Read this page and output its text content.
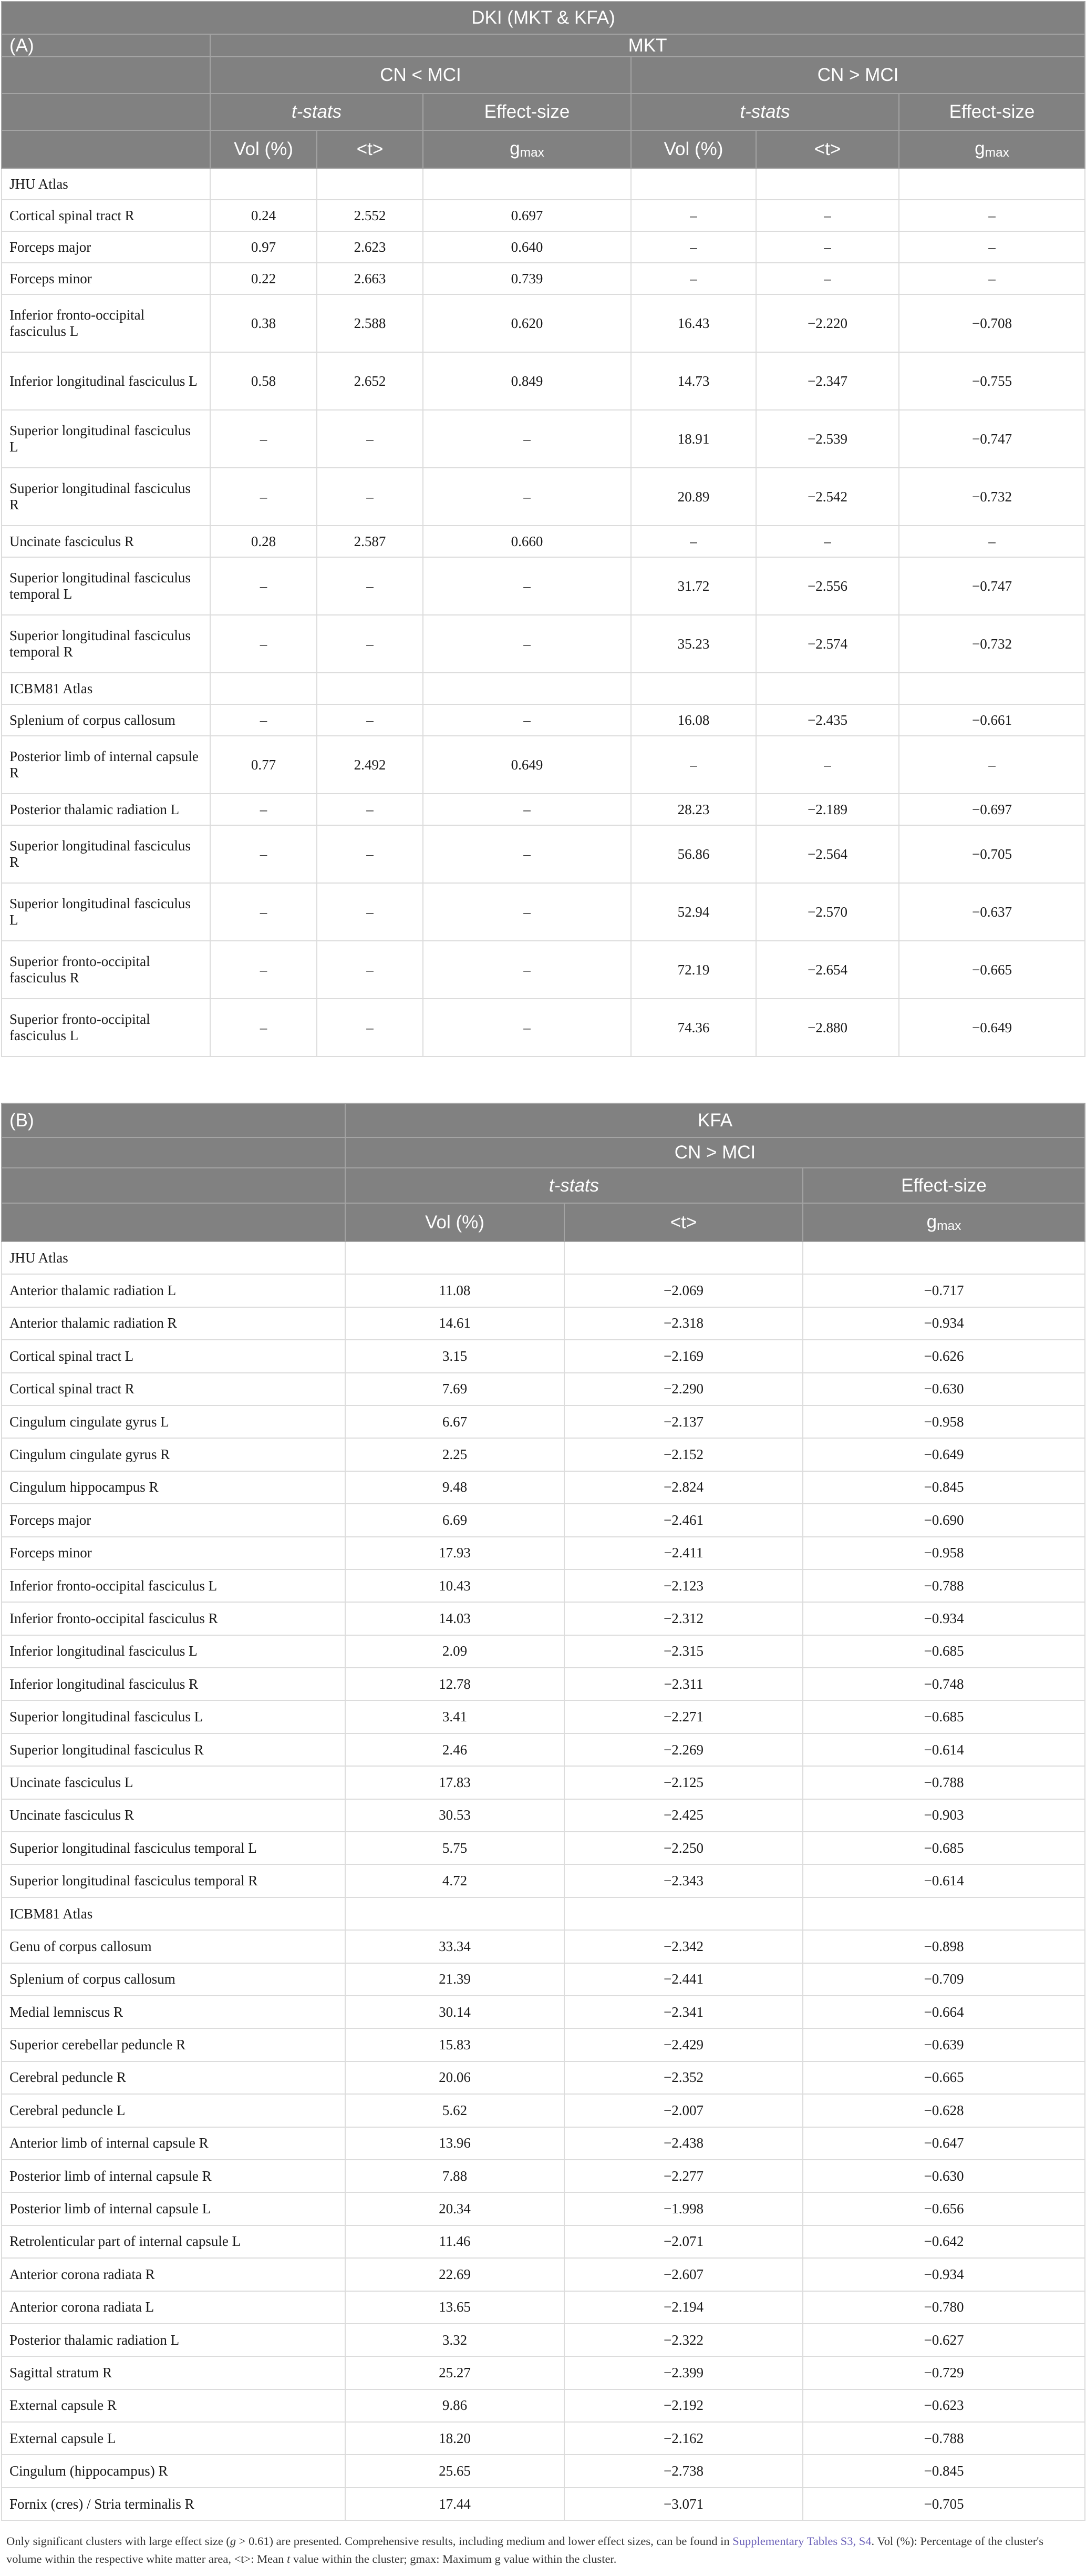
DKI (MKT & KFA)						
(A)	MKT					
	CN < MCI			CN > MCI		
	t-stats		Effect-size	t-stats		Effect-size
	Vol (%)	<t>	$g_{max}$	Vol (%)	<t>	$g_{max}$
JHU Atlas						
Cortical spinal tract R	0.24	2.552	0.697	–	–	–
Forceps major	0.97	2.623	0.640	–	–	–
Forceps minor	0.22	2.663	0.739	–	–	–
Inferior fronto-occipital fasciculus L	0.38	2.588	0.620	16.43	−2.220	−0.708
Inferior longitudinal fasciculus L	0.58	2.652	0.849	14.73	−2.347	−0.755
Superior longitudinal fasciculus L	–	–	–	18.91	−2.539	−0.747
Superior longitudinal fasciculus R	–	–	–	20.89	−2.542	−0.732
Uncinate fasciculus R	0.28	2.587	0.660	–	–	–
Superior longitudinal fasciculus temporal L	–	–	–	31.72	−2.556	−0.747
Superior longitudinal fasciculus temporal R	–	–	–	35.23	−2.574	−0.732
ICBM81 Atlas						
Splenium of corpus callosum	–	–	–	16.08	−2.435	−0.661
Posterior limb of internal capsule R	0.77	2.492	0.649	–	–	–
Posterior thalamic radiation L	–	–	–	28.23	−2.189	−0.697
Superior longitudinal fasciculus R	–	–	–	56.86	−2.564	−0.705
Superior longitudinal fasciculus L	–	–	–	52.94	−2.570	−0.637
Superior fronto-occipital fasciculus R	–	–	–	72.19	−2.654	−0.665
Superior fronto-occipital fasciculus L	–	–	–	74.36	−2.880	−0.649
(B)	KFA		
	CN > MCI		
	t-stats		Effect-size
	Vol (%)	<t>	$g_{max}$
JHU Atlas			
Anterior thalamic radiation L	11.08	−2.069	−0.717
Anterior thalamic radiation R	14.61	−2.318	−0.934
Cortical spinal tract L	3.15	−2.169	−0.626
Cortical spinal tract R	7.69	−2.290	−0.630
Cingulum cingulate gyrus L	6.67	−2.137	−0.958
Cingulum cingulate gyrus R	2.25	−2.152	−0.649
Cingulum hippocampus R	9.48	−2.824	−0.845
Forceps major	6.69	−2.461	−0.690
Forceps minor	17.93	−2.411	−0.958
Inferior fronto-occipital fasciculus L	10.43	−2.123	−0.788
Inferior fronto-occipital fasciculus R	14.03	−2.312	−0.934
Inferior longitudinal fasciculus L	2.09	−2.315	−0.685
Inferior longitudinal fasciculus R	12.78	−2.311	−0.748
Superior longitudinal fasciculus L	3.41	−2.271	−0.685
Superior longitudinal fasciculus R	2.46	−2.269	−0.614
Uncinate fasciculus L	17.83	−2.125	−0.788
Uncinate fasciculus R	30.53	−2.425	−0.903
Superior longitudinal fasciculus temporal L	5.75	−2.250	−0.685
Superior longitudinal fasciculus temporal R	4.72	−2.343	−0.614
ICBM81 Atlas			
Genu of corpus callosum	33.34	−2.342	−0.898
Splenium of corpus callosum	21.39	−2.441	−0.709
Medial lemniscus R	30.14	−2.341	−0.664
Superior cerebellar peduncle R	15.83	−2.429	−0.639
Cerebral peduncle R	20.06	−2.352	−0.665
Cerebral peduncle L	5.62	−2.007	−0.628
Anterior limb of internal capsule R	13.96	−2.438	−0.647
Posterior limb of internal capsule R	7.88	−2.277	−0.630
Posterior limb of internal capsule L	20.34	−1.998	−0.656
Retrolenticular part of internal capsule L	11.46	−2.071	−0.642
Anterior corona radiata R	22.69	−2.607	−0.934
Anterior corona radiata L	13.65	−2.194	−0.780
Posterior thalamic radiation L	3.32	−2.322	−0.627
Sagittal stratum R	25.27	−2.399	−0.729
External capsule R	9.86	−2.192	−0.623
External capsule L	18.20	−2.162	−0.788
Cingulum (hippocampus) R	25.65	−2.738	−0.845
Fornix (cres) / Stria terminalis R	17.44	−3.071	−0.705

Only significant clusters with large effect size (g > 0.61) are presented. Comprehensive results, including medium and lower effect sizes, can be found in Supplementary Tables S3, S4. Vol (%): Percentage of the cluster's volume within the respective white matter area, <t>: Mean t value within the cluster; gmax: Maximum g value within the cluster.
